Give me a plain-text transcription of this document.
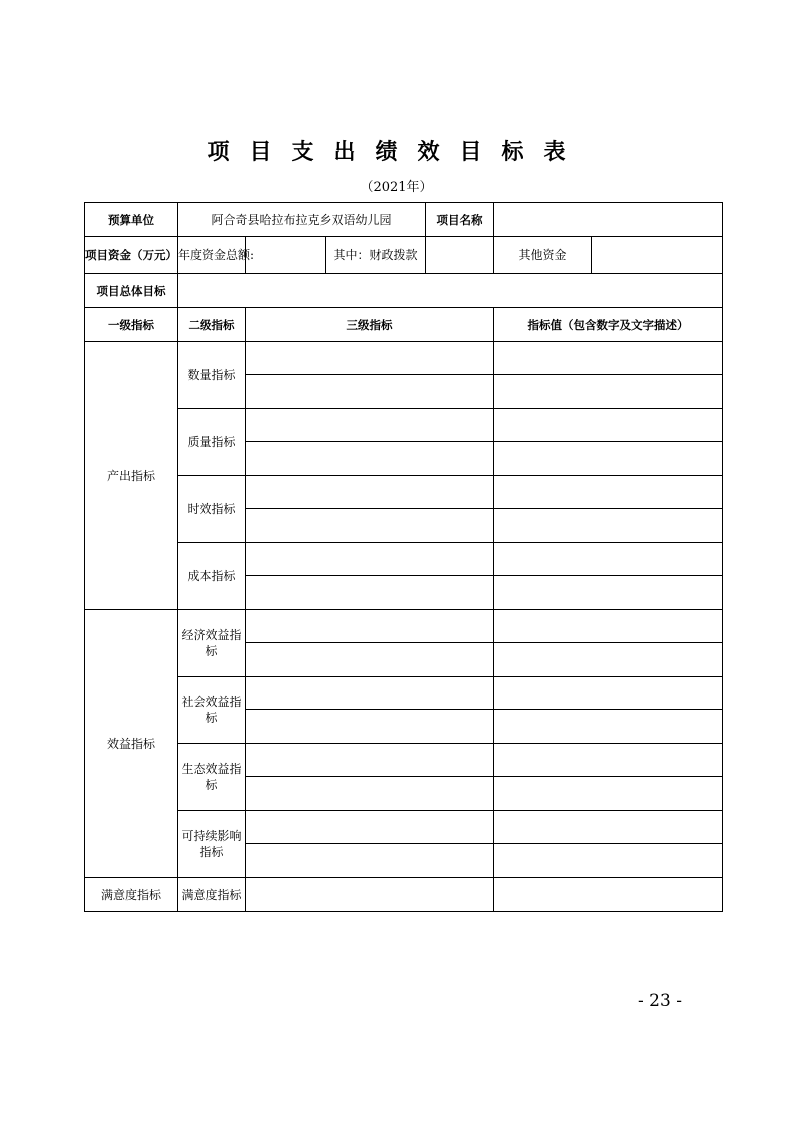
项目支出绩效目标表
（2021年）
预算单位	阿合奇县哈拉布拉克乡双语幼儿园			项目名称		
项目资金（万元）	年度资金总额:		其中：财政拨款		其他资金	
项目总体目标						
一级指标	二级指标	三级指标			指标值（包含数字及文字描述）	
产出指标	数量指标					

	质量指标					

	时效指标					

	成本指标					

效益指标	经济效益指标					

	社会效益指标					

	生态效益指标					

	可持续影响指标					

满意度指标	满意度指标					
- 23 -
